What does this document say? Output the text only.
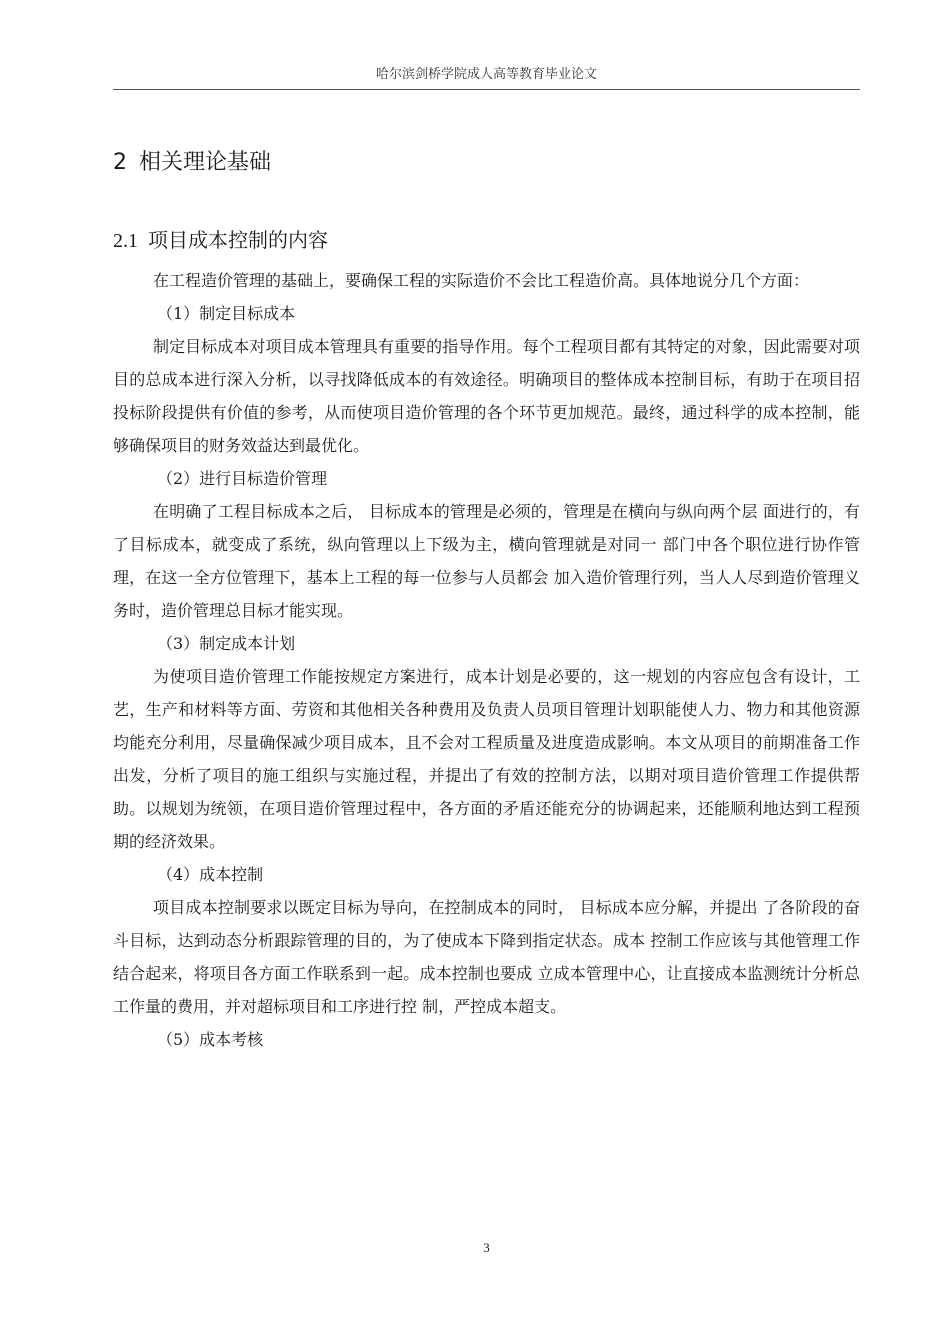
哈尔滨剑桥学院成人高等教育毕业论文
2 相关理论基础
2.1 项目成本控制的内容

在工程造价管理的基础上，要确保工程的实际造价不会比工程造价高。具体地说分几个方面：

（1）制定目标成本

制定目标成本对项目成本管理具有重要的指导作用。每个工程项目都有其特定的对象，因此需要对项目的总成本进行深入分析，以寻找降低成本的有效途径。明确项目的整体成本控制目标，有助于在项目招投标阶段提供有价值的参考，从而使项目造价管理的各个环节更加规范。最终，通过科学的成本控制，能够确保项目的财务效益达到最优化。

（2）进行目标造价管理

在明确了工程目标成本之后， 目标成本的管理是必须的，管理是在横向与纵向两个层 面进行的，有了目标成本，就变成了系统，纵向管理以上下级为主，横向管理就是对同一 部门中各个职位进行协作管理，在这一全方位管理下，基本上工程的每一位参与人员都会 加入造价管理行列，当人人尽到造价管理义务时，造价管理总目标才能实现。

（3）制定成本计划

为使项目造价管理工作能按规定方案进行，成本计划是必要的，这一规划的内容应包含有设计，工艺，生产和材料等方面、劳资和其他相关各种费用及负责人员项目管理计划职能使人力、物力和其他资源均能充分利用，尽量确保减少项目成本，且不会对工程质量及进度造成影响。本文从项目的前期准备工作出发，分析了项目的施工组织与实施过程，并提出了有效的控制方法，以期对项目造价管理工作提供帮助。以规划为统领，在项目造价管理过程中，各方面的矛盾还能充分的协调起来，还能顺利地达到工程预期的经济效果。

（4）成本控制

项目成本控制要求以既定目标为导向，在控制成本的同时， 目标成本应分解，并提出 了各阶段的奋斗目标，达到动态分析跟踪管理的目的，为了使成本下降到指定状态。成本 控制工作应该与其他管理工作结合起来，将项目各方面工作联系到一起。成本控制也要成 立成本管理中心，让直接成本监测统计分析总工作量的费用，并对超标项目和工序进行控 制，严控成本超支。

（5）成本考核

3
